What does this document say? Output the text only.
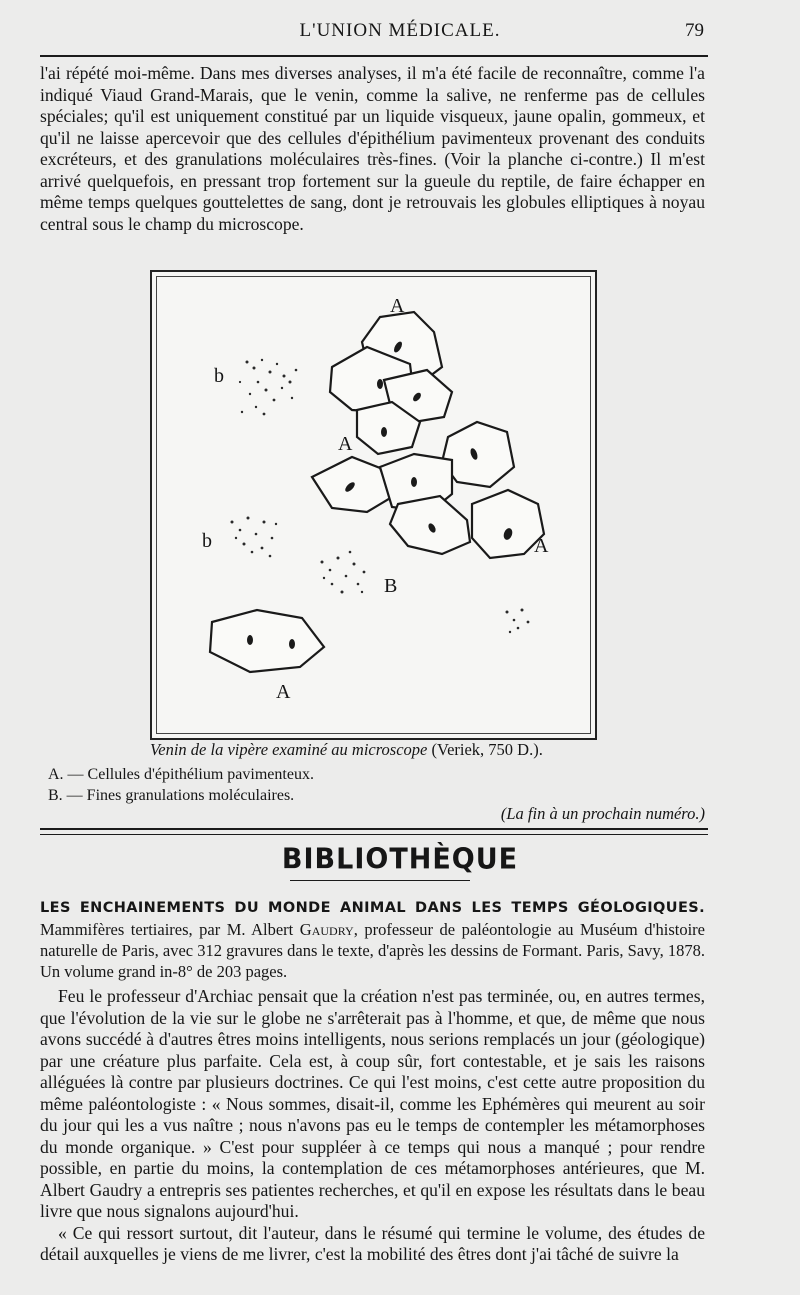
L'UNION MÉDICALE.	79

l'ai répété moi-même. Dans mes diverses analyses, il m'a été facile de reconnaître, comme l'a indiqué Viaud Grand-Marais, que le venin, comme la salive, ne renferme pas de cellules spéciales; qu'il est uniquement constitué par un liquide visqueux, jaune opalin, gommeux, et qu'il ne laisse apercevoir que des cellules d'épithélium pavimenteux provenant des conduits excréteurs, et des granulations moléculaires très-fines. (Voir la planche ci-contre.) Il m'est arrivé quelquefois, en pressant trop fortement sur la gueule du reptile, de faire échapper en même temps quelques gouttelettes de sang, dont je retrouvais les globules elliptiques à noyau central sous le champ du microscope.

A
b
A
b	A
B
A
Venin de la vipère examiné au microscope (Veriek, 750 D.).
A. — Cellules d'épithélium pavimenteux.
B. — Fines granulations moléculaires.
(La fin à un prochain numéro.)
BIBLIOTHÈQUE
LES ENCHAINEMENTS DU MONDE ANIMAL DANS LES TEMPS GÉOLOGIQUES. Mammifères tertiaires, par M. Albert Gaudry, professeur de paléontologie au Muséum d'histoire naturelle de Paris, avec 312 gravures dans le texte, d'après les dessins de Formant. Paris, Savy, 1878. Un volume grand in-8° de 203 pages.

Feu le professeur d'Archiac pensait que la création n'est pas terminée, ou, en autres termes, que l'évolution de la vie sur le globe ne s'arrêterait pas à l'homme, et que, de même que nous avons succédé à d'autres êtres moins intelligents, nous serions remplacés un jour (géologique) par une créature plus parfaite. Cela est, à coup sûr, fort contestable, et je sais les raisons alléguées là contre par plusieurs doctrines. Ce qui l'est moins, c'est cette autre proposition du même paléontologiste : « Nous sommes, disait-il, comme les Ephémères qui meurent au soir du jour qui les a vus naître ; nous n'avons pas eu le temps de contempler les métamorphoses du monde organique. » C'est pour suppléer à ce temps qui nous a manqué ; pour rendre possible, en partie du moins, la contemplation de ces métamorphoses antérieures, que M. Albert Gaudry a entrepris ses patientes recherches, et qu'il en expose les résultats dans le beau livre que nous signalons aujourd'hui.

« Ce qui ressort surtout, dit l'auteur, dans le résumé qui termine le volume, des études de détail auxquelles je viens de me livrer, c'est la mobilité des êtres dont j'ai tâché de suivre la
